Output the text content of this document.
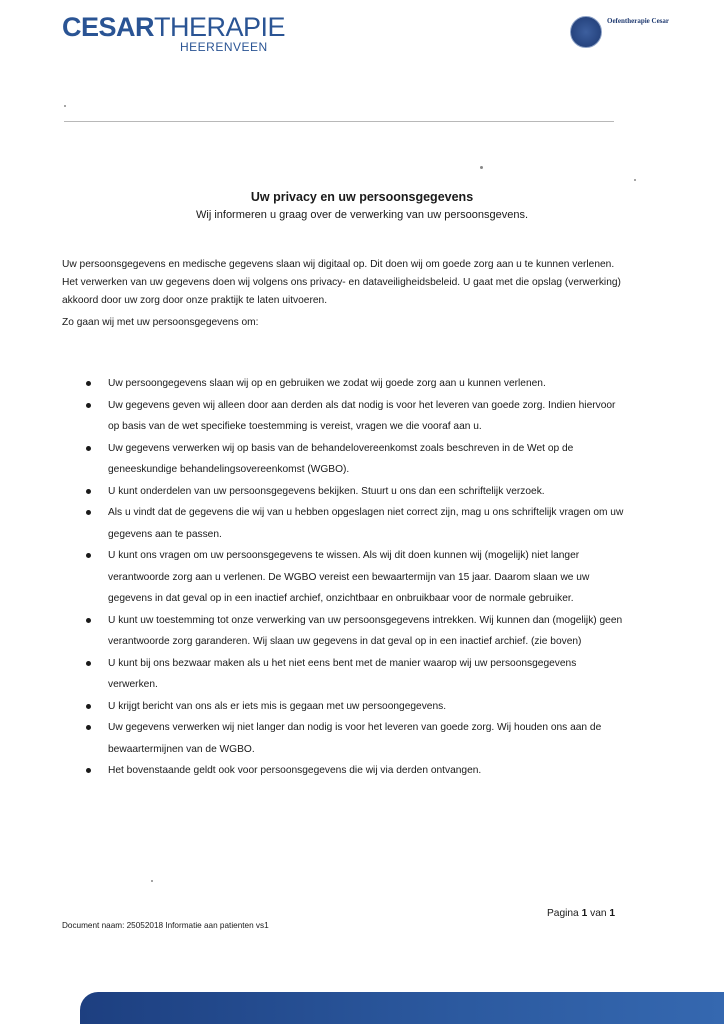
CESARTHERAPIE
HEERENVEEN
Oefentherapie Cesar
Uw privacy en uw persoonsgegevens
Wij informeren u graag over de verwerking van uw persoonsgevens.
Uw persoonsgegevens en medische gegevens slaan wij digitaal op. Dit doen wij om goede zorg aan u te kunnen verlenen. Het verwerken van uw gegevens doen wij volgens ons privacy- en dataveiligheidsbeleid. U gaat met die opslag (verwerking) akkoord door uw zorg door onze praktijk te laten uitvoeren.
Zo gaan wij met uw persoonsgegevens om:
Uw persoongegevens slaan wij op en gebruiken we zodat wij goede zorg aan u kunnen verlenen.
Uw gegevens geven wij alleen door aan derden als dat nodig is voor het leveren van goede zorg. Indien hiervoor op basis van de wet specifieke toestemming is vereist, vragen we die vooraf aan u.
Uw gegevens verwerken wij op basis van de behandelovereenkomst zoals beschreven in de Wet op de geneeskundige behandelingsovereenkomst (WGBO).
U kunt onderdelen van uw persoonsgegevens bekijken. Stuurt u ons dan een schriftelijk verzoek.
Als u vindt dat de gegevens die wij van u hebben opgeslagen niet correct zijn, mag u ons schriftelijk vragen om uw gegevens aan te passen.
U kunt ons vragen om uw persoonsgegevens te wissen. Als wij dit doen kunnen wij (mogelijk) niet langer verantwoorde zorg aan u verlenen. De WGBO vereist een bewaartermijn van 15 jaar. Daarom slaan we uw gegevens in dat geval op in een inactief archief, onzichtbaar en onbruikbaar voor de normale gebruiker.
U kunt uw toestemming tot onze verwerking van uw persoonsgegevens intrekken. Wij kunnen dan (mogelijk) geen verantwoorde zorg garanderen. Wij slaan uw gegevens in dat geval op in een inactief archief. (zie boven)
U kunt bij ons bezwaar maken als u het niet eens bent met de manier waarop wij uw persoonsgegevens verwerken.
U krijgt bericht van ons als er iets mis is gegaan met uw persoongegevens.
Uw gegevens verwerken wij niet langer dan nodig is voor het leveren van goede zorg. Wij houden ons aan de bewaartermijnen van de WGBO.
Het bovenstaande geldt ook voor persoonsgegevens die wij via derden ontvangen.
Pagina 1 van 1
Document naam: 25052018 Informatie aan patienten vs1
